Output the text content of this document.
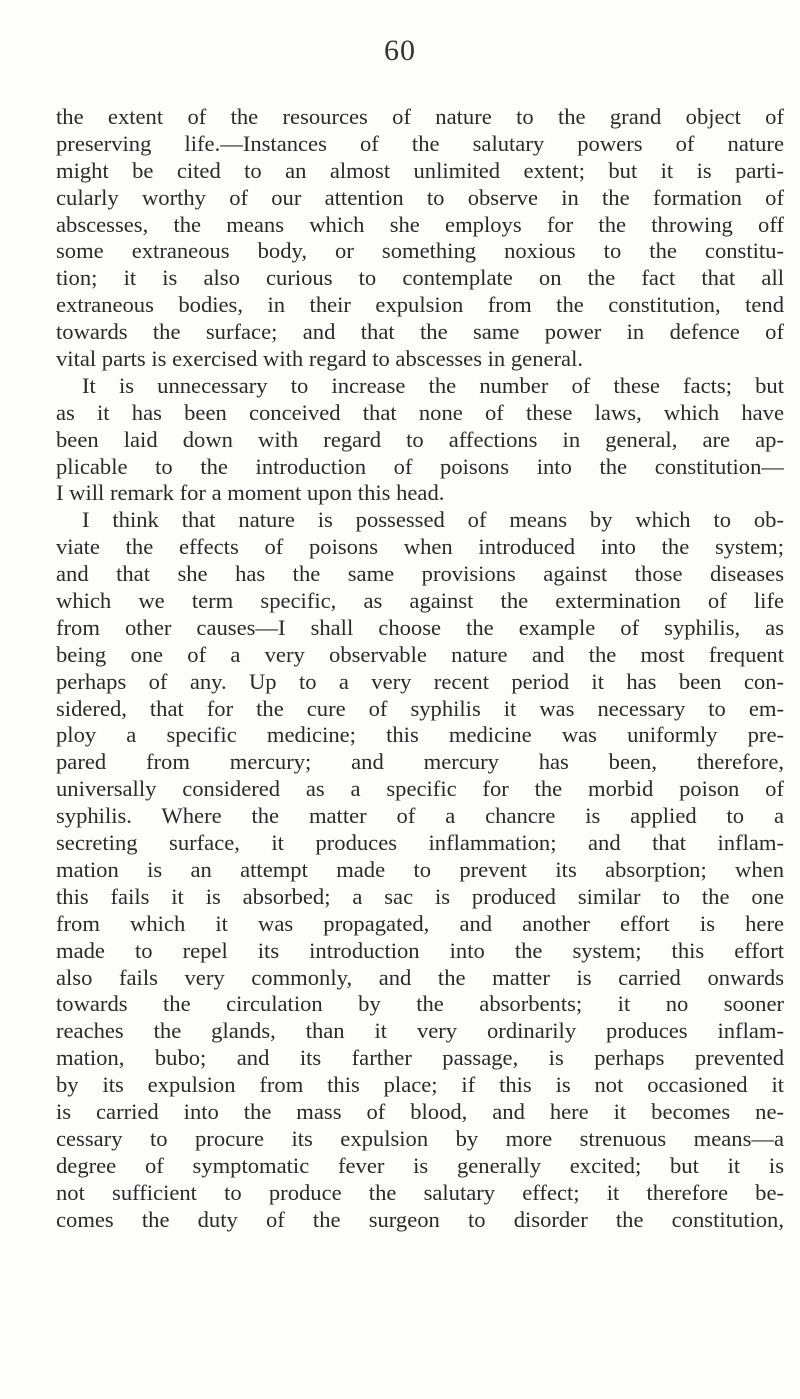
60
the extent of the resources of nature to the grand object of
preserving life.—Instances of the salutary powers of nature
might be cited to an almost unlimited extent; but it is parti-
cularly worthy of our attention to observe in the formation of
abscesses, the means which she employs for the throwing off
some extraneous body, or something noxious to the constitu-
tion; it is also curious to contemplate on the fact that all
extraneous bodies, in their expulsion from the constitution, tend
towards the surface; and that the same power in defence of
vital parts is exercised with regard to abscesses in general.
It is unnecessary to increase the number of these facts; but
as it has been conceived that none of these laws, which have
been laid down with regard to affections in general, are ap-
plicable to the introduction of poisons into the constitution—
I will remark for a moment upon this head.
I think that nature is possessed of means by which to ob-
viate the effects of poisons when introduced into the system;
and that she has the same provisions against those diseases
which we term specific, as against the extermination of life
from other causes—I shall choose the example of syphilis, as
being one of a very observable nature and the most frequent
perhaps of any. Up to a very recent period it has been con-
sidered, that for the cure of syphilis it was necessary to em-
ploy a specific medicine; this medicine was uniformly pre-
pared from mercury; and mercury has been, therefore,
universally considered as a specific for the morbid poison of
syphilis. Where the matter of a chancre is applied to a
secreting surface, it produces inflammation; and that inflam-
mation is an attempt made to prevent its absorption; when
this fails it is absorbed; a sac is produced similar to the one
from which it was propagated, and another effort is here
made to repel its introduction into the system; this effort
also fails very commonly, and the matter is carried onwards
towards the circulation by the absorbents; it no sooner
reaches the glands, than it very ordinarily produces inflam-
mation, bubo; and its farther passage, is perhaps prevented
by its expulsion from this place; if this is not occasioned it
is carried into the mass of blood, and here it becomes ne-
cessary to procure its expulsion by more strenuous means—a
degree of symptomatic fever is generally excited; but it is
not sufficient to produce the salutary effect; it therefore be-
comes the duty of the surgeon to disorder the constitution,
